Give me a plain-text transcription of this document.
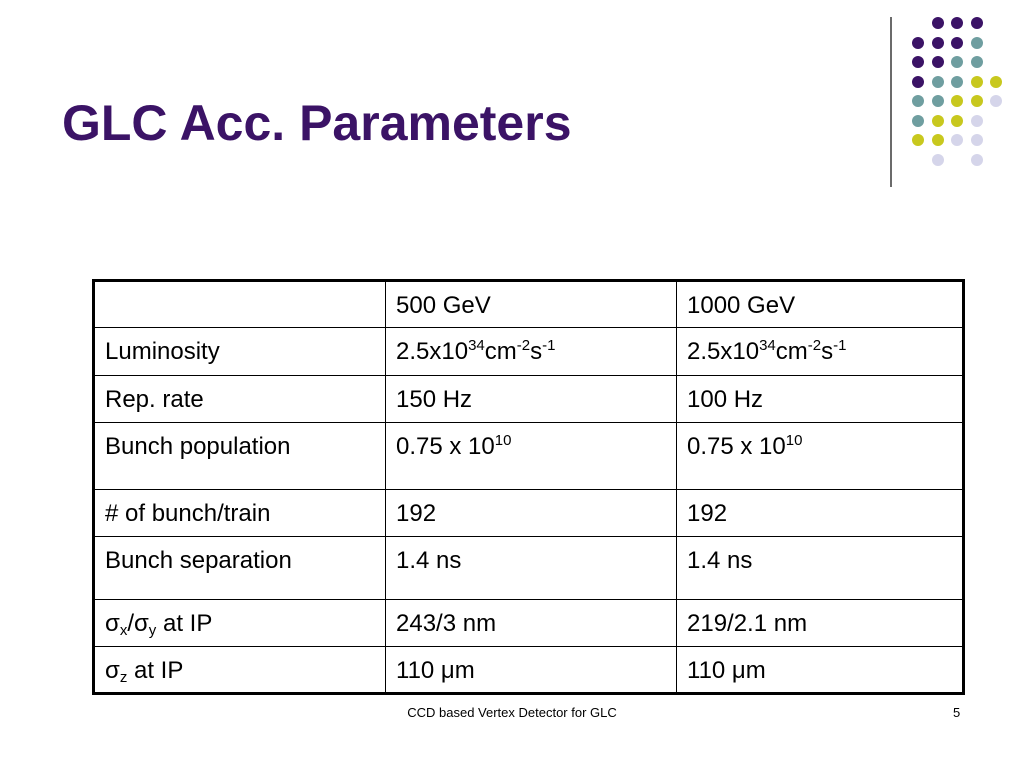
GLC Acc. Parameters
	500 GeV	1000 GeV
Luminosity	$2.5x10^{34}cm^{-2}s^{-1}$	$2.5x10^{34}cm^{-2}s^{-1}$
Rep. rate	150 Hz	100 Hz
Bunch population	0.75 x $10^{10}$	0.75 x $10^{10}$
# of bunch/train	192	192
Bunch separation	1.4 ns	1.4 ns
$\sigma_x/\sigma_y$ at IP	243/3 nm	219/2.1 nm
$\sigma_z$ at IP	110 μm	110 μm
CCD based Vertex Detector for GLC	5
